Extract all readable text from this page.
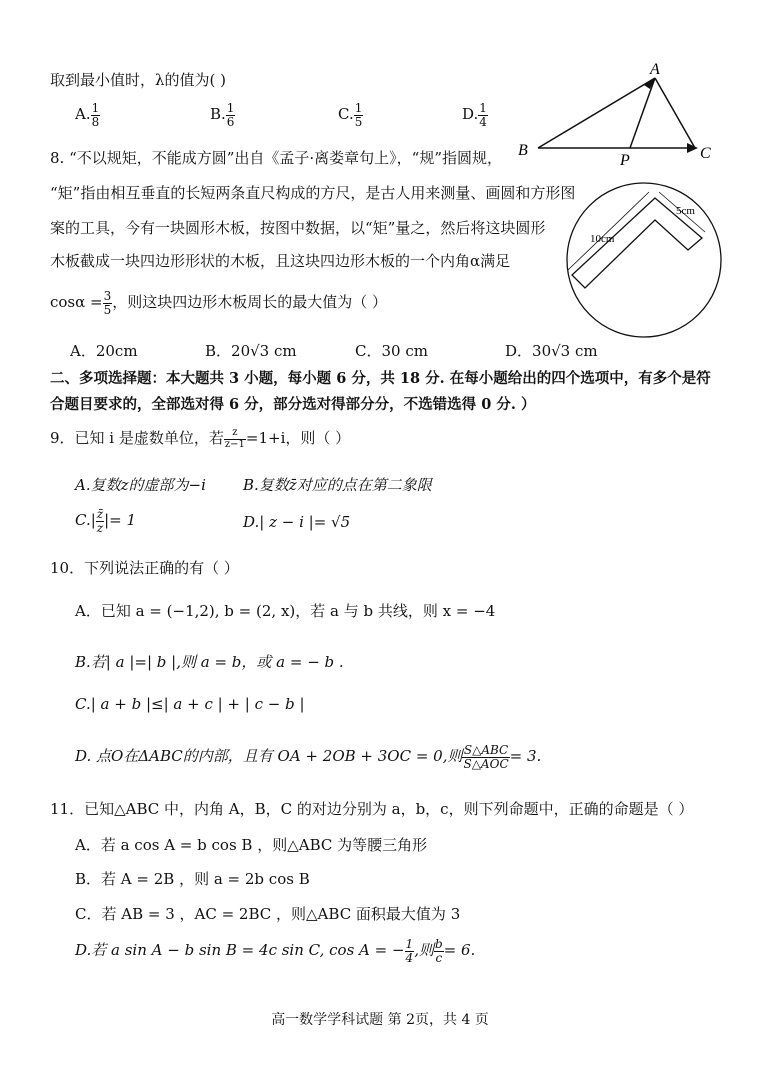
取到最小值时，λ的值为( )
A. $\frac{1}{8}$	B. $\frac{1}{6}$	C. $\frac{1}{5}$	D. $\frac{1}{4}$
A
B	C
P
8. “不以规矩，不能成方圆”出自《孟子·离娄章句上》，“规”指圆规，
“矩”指由相互垂直的长短两条直尺构成的方尺，是古人用来测量、画圆和方形图
案的工具，今有一块圆形木板，按图中数据，以“矩”量之，然后将这块圆形
木板截成一块四边形形状的木板，且这块四边形木板的一个内角α满足
$\cos\alpha = \frac{3}{5}$ ，则这块四边形木板周长的最大值为（ ）
10cm
5cm
A．20cm	B．20√3 cm	C．30 cm	D．30√3 cm
二、多项选择题：本大题共 3 小题，每小题 6 分，共 18 分. 在每小题给出的四个选项中，有多个是符
合题目要求的，全部选对得 6 分，部分选对得部分分，不选错选得 0 分. ）
9．已知 i 是虚数单位，若 $\frac{z}{z-1} =1+i$，则（ ）
A.复数z的虚部为−i B.复数z̄对应的点在第二象限
$C.| \frac{z̄}{z}$ |= 1	D.| z − i |= √5
10．下列说法正确的有（ ）
A．已知 a = (−1,2), b = (2, x)，若 a 与 b 共线，则 x = −4
B.若| a |=| b |,则 a = b，或 a = − b .
C.| a + b |≤| a + c | + | c − b |
D. 点O在ΔABC的内部，且有 OA + 2OB + 3OC = 0,则 $\frac{\text{S△ABC}}{\text{S△AOC}} = 3$.
11．已知△ABC 中，内角 A，B，C 的对边分别为 a，b，c，则下列命题中，正确的命题是（ ）
A．若 a cos A = b cos B ，则△ABC 为等腰三角形
B．若 A = 2B ，则 a = 2b cos B
C．若 AB = 3 ，AC = 2BC ，则△ABC 面积最大值为 3
D.若 a sin A − b sin B = 4c sin C, cos A = − $\frac{1}{4}$ ,则 $\frac{b}{c} = 6$.
高一数学学科试题 第 2页，共 4 页
